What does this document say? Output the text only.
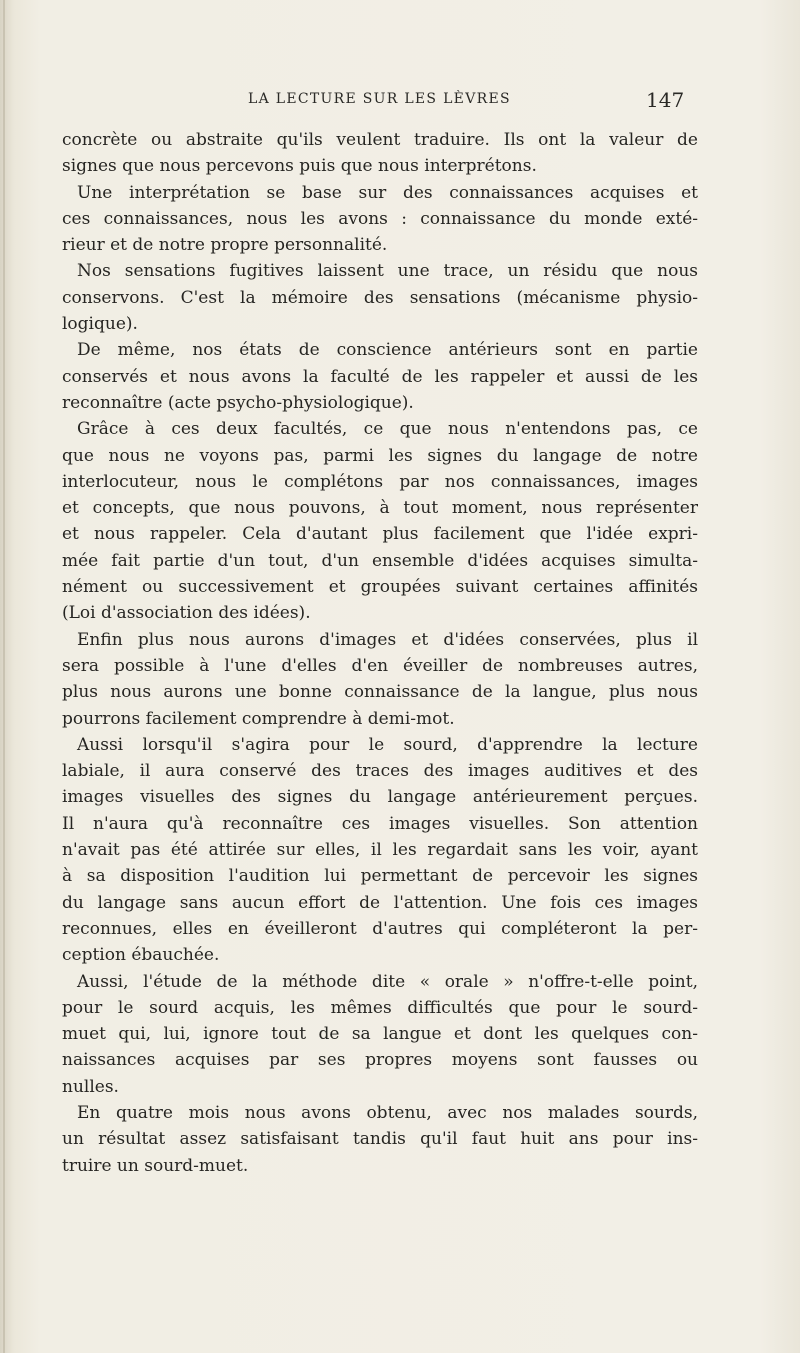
LA LECTURE SUR LES LÈVRES	147
concrète ou abstraite qu'ils veulent traduire. Ils ont la valeur de
signes que nous percevons puis que nous interprétons.
Une interprétation se base sur des connaissances acquises et
ces connaissances, nous les avons : connaissance du monde exté-
rieur et de notre propre personnalité.
Nos sensations fugitives laissent une trace, un résidu que nous
conservons. C'est la mémoire des sensations (mécanisme physio-
logique).
De même, nos états de conscience antérieurs sont en partie
conservés et nous avons la faculté de les rappeler et aussi de les
reconnaître (acte psycho-physiologique).
Grâce à ces deux facultés, ce que nous n'entendons pas, ce
que nous ne voyons pas, parmi les signes du langage de notre
interlocuteur, nous le complétons par nos connaissances, images
et concepts, que nous pouvons, à tout moment, nous représenter
et nous rappeler. Cela d'autant plus facilement que l'idée expri-
mée fait partie d'un tout, d'un ensemble d'idées acquises simulta-
nément ou successivement et groupées suivant certaines affinités
(Loi d'association des idées).
Enfin plus nous aurons d'images et d'idées conservées, plus il
sera possible à l'une d'elles d'en éveiller de nombreuses autres,
plus nous aurons une bonne connaissance de la langue, plus nous
pourrons facilement comprendre à demi-mot.
Aussi lorsqu'il s'agira pour le sourd, d'apprendre la lecture
labiale, il aura conservé des traces des images auditives et des
images visuelles des signes du langage antérieurement perçues.
Il n'aura qu'à reconnaître ces images visuelles. Son attention
n'avait pas été attirée sur elles, il les regardait sans les voir, ayant
à sa disposition l'audition lui permettant de percevoir les signes
du langage sans aucun effort de l'attention. Une fois ces images
reconnues, elles en éveilleront d'autres qui compléteront la per-
ception ébauchée.
Aussi, l'étude de la méthode dite « orale » n'offre-t-elle point,
pour le sourd acquis, les mêmes difficultés que pour le sourd-
muet qui, lui, ignore tout de sa langue et dont les quelques con-
naissances acquises par ses propres moyens sont fausses ou
nulles.
En quatre mois nous avons obtenu, avec nos malades sourds,
un résultat assez satisfaisant tandis qu'il faut huit ans pour ins-
truire un sourd-muet.
